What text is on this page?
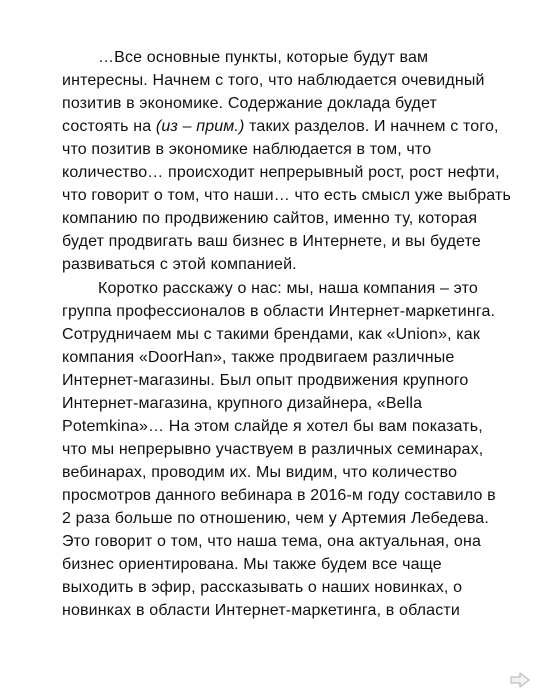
…Все основные пункты, которые будут вам
интересны. Начнем с того, что наблюдается очевидный
позитив в экономике. Содержание доклада будет
состоять на (из – прим.) таких разделов. И начнем с того,
что позитив в экономике наблюдается в том, что
количество… происходит непрерывный рост, рост нефти,
что говорит о том, что наши… что есть смысл уже выбрать
компанию по продвижению сайтов, именно ту, которая
будет продвигать ваш бизнес в Интернете, и вы будете
развиваться с этой компанией.
Коротко расскажу о нас: мы, наша компания – это
группа профессионалов в области Интернет-маркетинга.
Сотрудничаем мы с такими брендами, как «Union», как
компания «DoorHan», также продвигаем различные
Интернет-магазины. Был опыт продвижения крупного
Интернет-магазина, крупного дизайнера, «Bella
Potemkina»… На этом слайде я хотел бы вам показать,
что мы непрерывно участвуем в различных семинарах,
вебинарах, проводим их. Мы видим, что количество
просмотров данного вебинара в 2016-м году составило в
2 раза больше по отношению, чем у Артемия Лебедева.
Это говорит о том, что наша тема, она актуальная, она
бизнес ориентирована. Мы также будем все чаще
выходить в эфир, рассказывать о наших новинках, о
новинках в области Интернет-маркетинга, в области
